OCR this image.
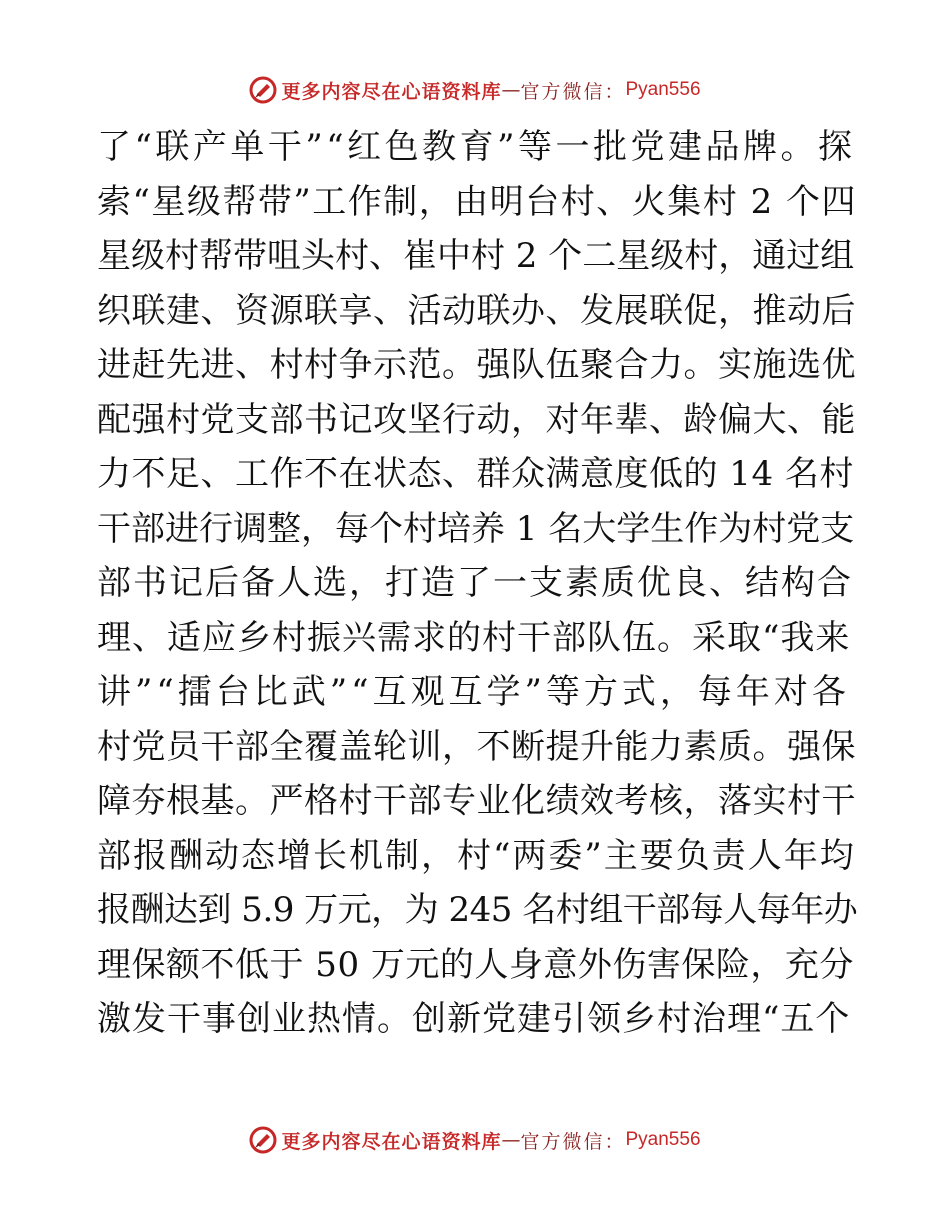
更多内容尽在心语资料库 — 官方微信： Pyan556
了“联产单干”“红色教育”等一批党建品牌。探
索“星级帮带”工作制，由明台村、火集村 2 个四
星级村帮带咀头村、崔中村 2 个二星级村，通过组
织联建、资源联享、活动联办、发展联促，推动后
进赶先进、村村争示范。强队伍聚合力。实施选优
配强村党支部书记攻坚行动，对年辈、龄偏大、能
力不足、工作不在状态、群众满意度低的 14 名村
干部进行调整，每个村培养 1 名大学生作为村党支
部书记后备人选，打造了一支素质优良、结构合
理、适应乡村振兴需求的村干部队伍。采取“我来
讲”“擂台比武”“互观互学”等方式，每年对各
村党员干部全覆盖轮训，不断提升能力素质。强保
障夯根基。严格村干部专业化绩效考核，落实村干
部报酬动态增长机制，村“两委”主要负责人年均
报酬达到 5.9 万元，为 245 名村组干部每人每年办
理保额不低于 50 万元的人身意外伤害保险，充分
激发干事创业热情。创新党建引领乡村治理“五个
更多内容尽在心语资料库 — 官方微信： Pyan556
